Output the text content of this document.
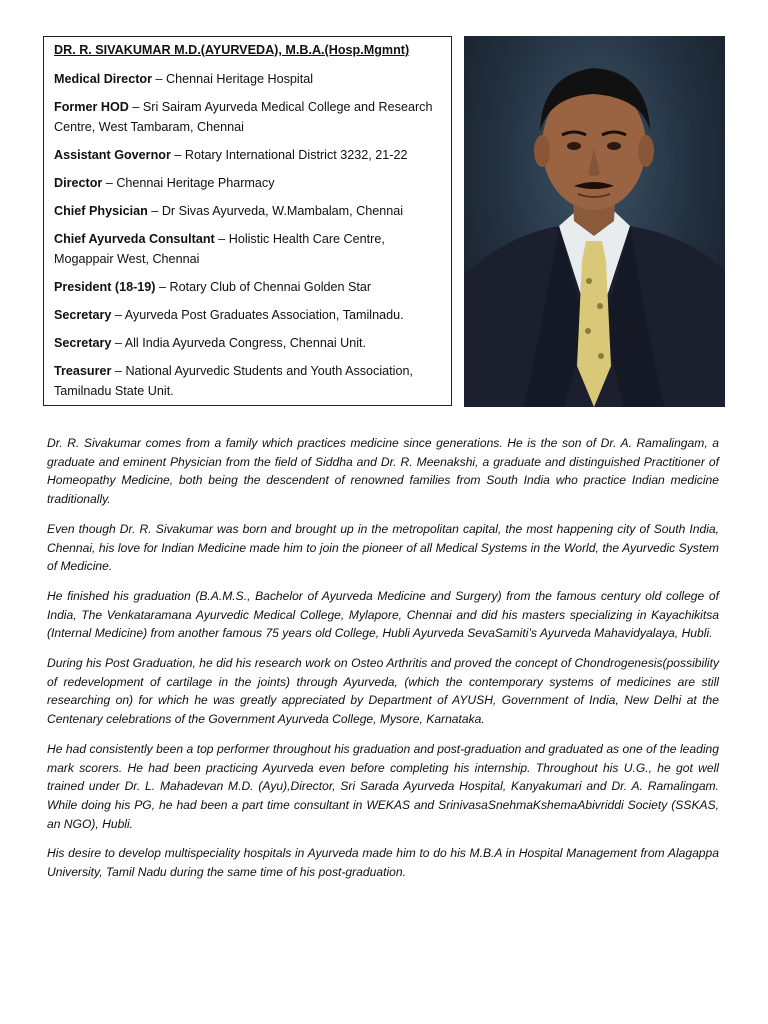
DR. R. SIVAKUMAR M.D.(AYURVEDA), M.B.A.(Hosp.Mgmnt)
Medical Director – Chennai Heritage Hospital
Former HOD – Sri Sairam Ayurveda Medical College and Research Centre, West Tambaram, Chennai
Assistant Governor – Rotary International District 3232, 21-22
Director – Chennai Heritage Pharmacy
Chief Physician – Dr Sivas Ayurveda, W.Mambalam, Chennai
Chief Ayurveda Consultant – Holistic Health Care Centre, Mogappair West, Chennai
President (18-19) – Rotary Club of Chennai Golden Star
Secretary – Ayurveda Post Graduates Association, Tamilnadu.
Secretary – All India Ayurveda Congress, Chennai Unit.
Treasurer – National Ayurvedic Students and Youth Association, Tamilnadu State Unit.

Dr. R. Sivakumar comes from a family which practices medicine since generations. He is the son of Dr. A. Ramalingam, a graduate and eminent Physician from the field of Siddha and Dr. R. Meenakshi, a graduate and distinguished Practitioner of Homeopathy Medicine, both being the descendent of renowned families from South India who practice Indian medicine traditionally.

Even though Dr. R. Sivakumar was born and brought up in the metropolitan capital, the most happening city of South India, Chennai, his love for Indian Medicine made him to join the pioneer of all Medical Systems in the World, the Ayurvedic System of Medicine.

He finished his graduation (B.A.M.S., Bachelor of Ayurveda Medicine and Surgery) from the famous century old college of India, The Venkataramana Ayurvedic Medical College, Mylapore, Chennai and did his masters specializing in Kayachikitsa (Internal Medicine) from another famous 75 years old College, Hubli Ayurveda SevaSamiti’s Ayurveda Mahavidyalaya, Hubli.

During his Post Graduation, he did his research work on Osteo Arthritis and proved the concept of Chondrogenesis(possibility of redevelopment of cartilage in the joints) through Ayurveda, (which the contemporary systems of medicines are still researching on) for which he was greatly appreciated by Department of AYUSH, Government of India, New Delhi at the Centenary celebrations of the Government Ayurveda College, Mysore, Karnataka.

He had consistently been a top performer throughout his graduation and post-graduation and graduated as one of the leading mark scorers. He had been practicing Ayurveda even before completing his internship. Throughout his U.G., he got well trained under Dr. L. Mahadevan M.D. (Ayu),Director, Sri Sarada Ayurveda Hospital, Kanyakumari and Dr. A. Ramalingam. While doing his PG, he had been a part time consultant in WEKAS and SrinivasaSnehmaKshemaAbivriddi Society (SSKAS, an NGO), Hubli.

His desire to develop multispeciality hospitals in Ayurveda made him to do his M.B.A in Hospital Management from Alagappa University, Tamil Nadu during the same time of his post-graduation.
